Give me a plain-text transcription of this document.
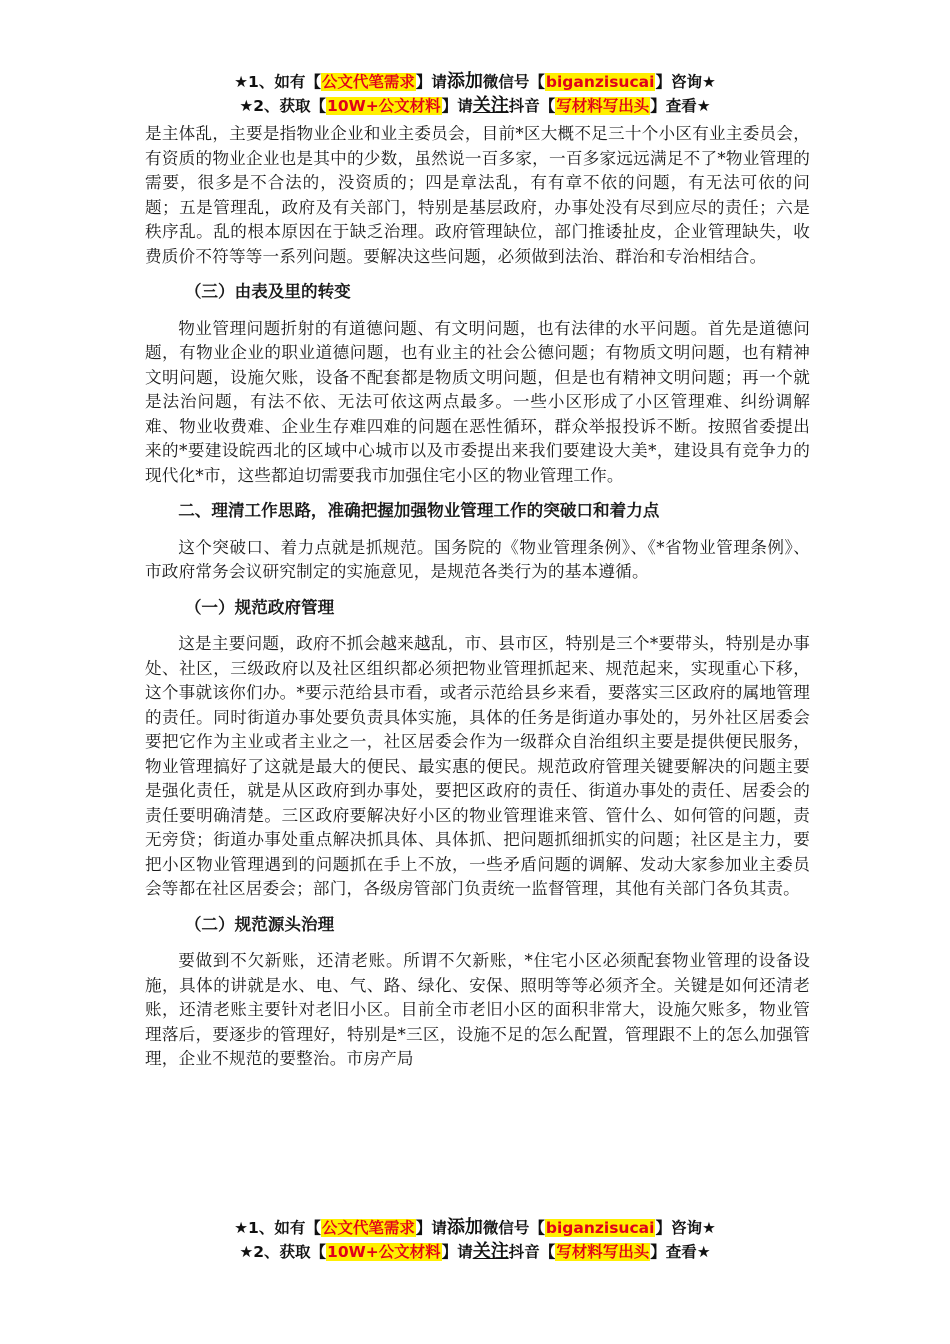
★1、如有【公文代笔需求】请添加微信号【biganzisucai】咨询★
★2、获取【10W+公文材料】请关注抖音【写材料写出头】查看★

是主体乱，主要是指物业企业和业主委员会，目前*区大概不足三十个小区有业主委员会，有资质的物业企业也是其中的少数，虽然说一百多家，一百多家远远满足不了*物业管理的需要，很多是不合法的，没资质的；四是章法乱，有有章不依的问题，有无法可依的问题；五是管理乱，政府及有关部门，特别是基层政府，办事处没有尽到应尽的责任；六是秩序乱。乱的根本原因在于缺乏治理。政府管理缺位，部门推诿扯皮，企业管理缺失，收费质价不符等等一系列问题。要解决这些问题，必须做到法治、群治和专治相结合。

（三）由表及里的转变

物业管理问题折射的有道德问题、有文明问题，也有法律的水平问题。首先是道德问题，有物业企业的职业道德问题，也有业主的社会公德问题；有物质文明问题，也有精神文明问题，设施欠账，设备不配套都是物质文明问题，但是也有精神文明问题；再一个就是法治问题，有法不依、无法可依这两点最多。一些小区形成了小区管理难、纠纷调解难、物业收费难、企业生存难四难的问题在恶性循环，群众举报投诉不断。按照省委提出来的*要建设皖西北的区域中心城市以及市委提出来我们要建设大美*，建设具有竞争力的现代化*市，这些都迫切需要我市加强住宅小区的物业管理工作。

二、理清工作思路，准确把握加强物业管理工作的突破口和着力点

这个突破口、着力点就是抓规范。国务院的《物业管理条例》、《*省物业管理条例》、市政府常务会议研究制定的实施意见，是规范各类行为的基本遵循。

（一）规范政府管理

这是主要问题，政府不抓会越来越乱，市、县市区，特别是三个*要带头，特别是办事处、社区，三级政府以及社区组织都必须把物业管理抓起来、规范起来，实现重心下移，这个事就该你们办。*要示范给县市看，或者示范给县乡来看，要落实三区政府的属地管理的责任。同时街道办事处要负责具体实施，具体的任务是街道办事处的，另外社区居委会要把它作为主业或者主业之一，社区居委会作为一级群众自治组织主要是提供便民服务，物业管理搞好了这就是最大的便民、最实惠的便民。规范政府管理关键要解决的问题主要是强化责任，就是从区政府到办事处，要把区政府的责任、街道办事处的责任、居委会的责任要明确清楚。三区政府要解决好小区的物业管理谁来管、管什么、如何管的问题，责无旁贷；街道办事处重点解决抓具体、具体抓、把问题抓细抓实的问题；社区是主力，要把小区物业管理遇到的问题抓在手上不放，一些矛盾问题的调解、发动大家参加业主委员会等都在社区居委会；部门，各级房管部门负责统一监督管理，其他有关部门各负其责。

（二）规范源头治理

要做到不欠新账，还清老账。所谓不欠新账，*住宅小区必须配套物业管理的设备设施，具体的讲就是水、电、气、路、绿化、安保、照明等等必须齐全。关键是如何还清老账，还清老账主要针对老旧小区。目前全市老旧小区的面积非常大，设施欠账多，物业管理落后，要逐步的管理好，特别是*三区，设施不足的怎么配置，管理跟不上的怎么加强管理，企业不规范的要整治。市房产局

★1、如有【公文代笔需求】请添加微信号【biganzisucai】咨询★
★2、获取【10W+公文材料】请关注抖音【写材料写出头】查看★
